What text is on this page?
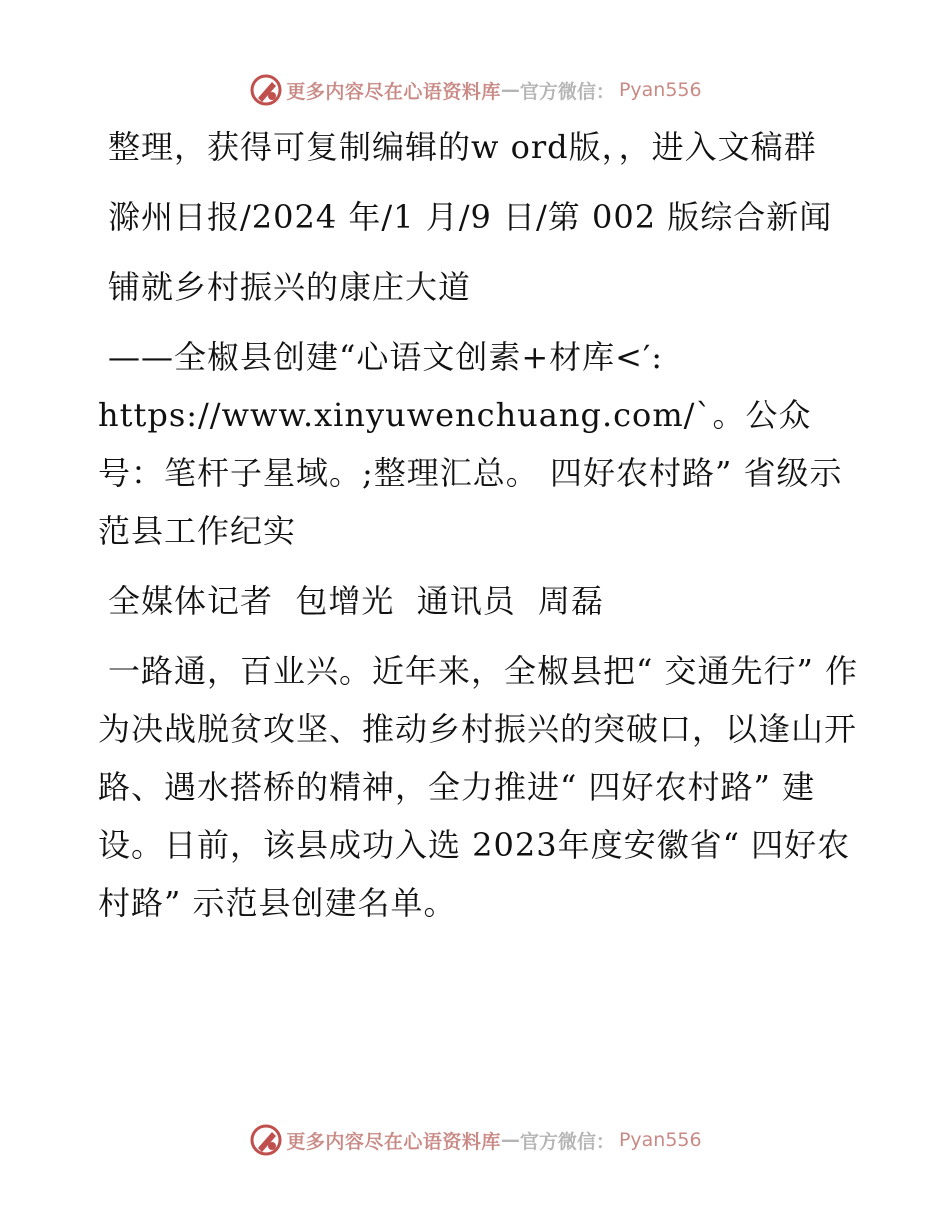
更多内容尽在心语资料库 — 官方微信： Pyan556

整理，获得可复制编辑的w ord版，，进入文稿群

滁州日报/2024 年/1 月/9 日/第 002 版综合新闻

铺就乡村振兴的康庄大道

——全椒县创建“心语文创素+材库<′:

https://www.xinyuwenchuang.com/`。公众号：笔杆子星域。;整理汇总。 四好农村路” 省级示范县工作纪实

全媒体记者  包增光  通讯员  周磊

一路通，百业兴。近年来，全椒县把“ 交通先行” 作为决战脱贫攻坚、推动乡村振兴的突破口，以逢山开路、遇水搭桥的精神，全力推进“ 四好农村路” 建设。日前，该县成功入选 2023年度安徽省“ 四好农村路” 示范县创建名单。

更多内容尽在心语资料库 — 官方微信： Pyan556
